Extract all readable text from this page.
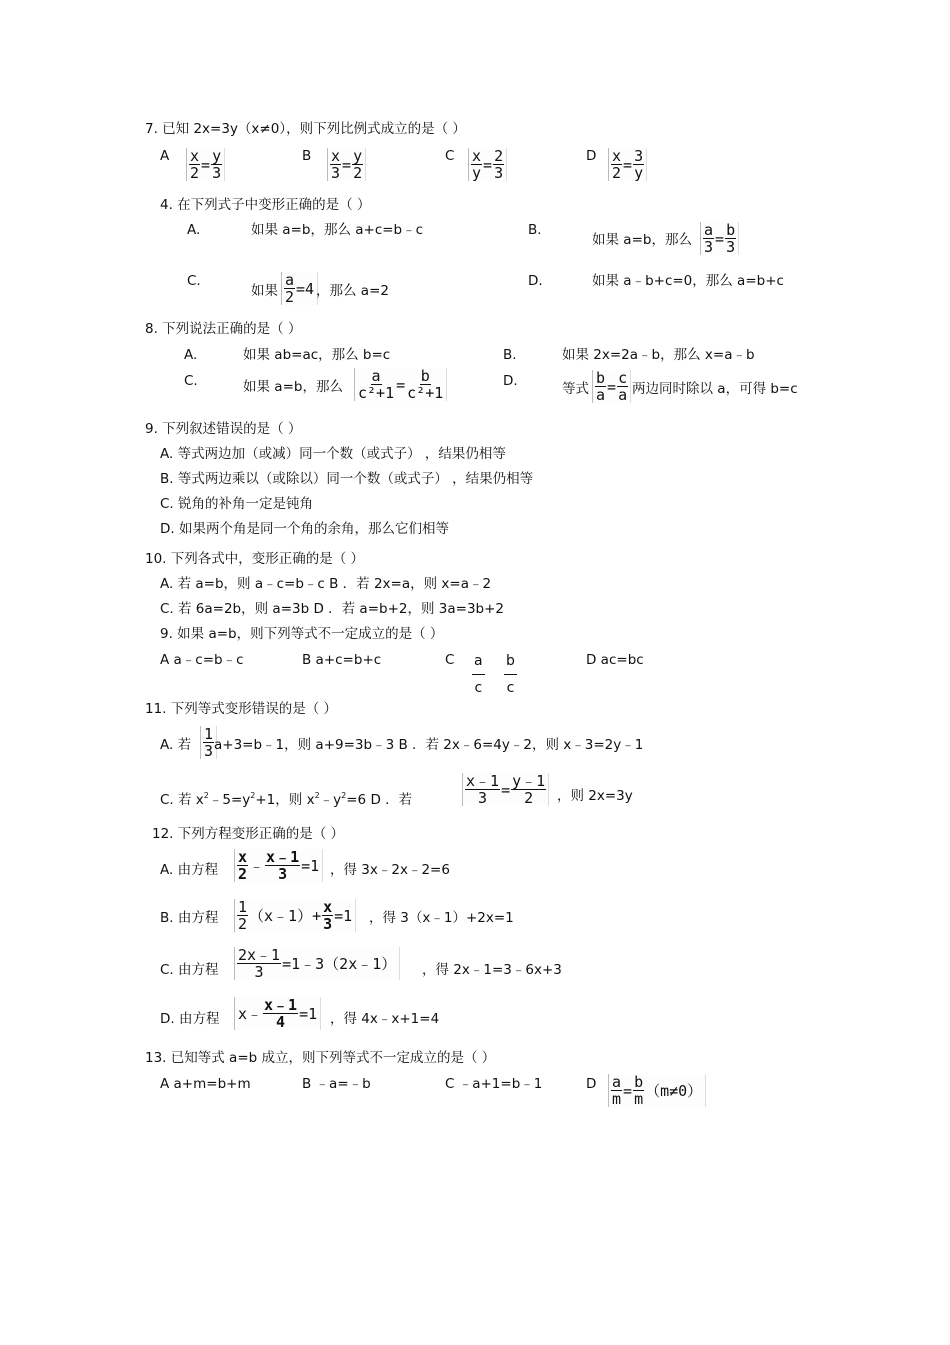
7. 已知 2x=3y（x≠0），则下列比例式成立的是（ ）
A $\frac{x}{2} = \frac{y}{3}$	B $\frac{x}{3} = \frac{y}{2}$	C $\frac{x}{y} = \frac{2}{3}$	D $\frac{x}{2} = \frac{3}{y}$
4. 在下列式子中变形正确的是（ ）
A.	如果 a=b，那么 a+c=b﹣c	B.
如果 a=b，那么 $\frac{a}{3} = \frac{b}{3}$
C.
如果 $\frac{a}{2} =4$ ，那么 a=2
D.	如果 a﹣b+c=0，那么 a=b+c
8. 下列说法正确的是（ ）
A.	如果 ab=ac，那么 b=c	B.	如果 2x=2a﹣b，那么 x=a﹣b
C.	如果 a=b，那么 $\frac{a}{\text{c²+1}} = \frac{b}{\text{c²+1}}$	D.	等式 $\frac{b}{a} = \frac{c}{a}$ 两边同时除以 a，可得 b=c
9. 下列叙述错误的是（ ）
A. 等式两边加（或减）同一个数（或式子） ，结果仍相等
B. 等式两边乘以（或除以）同一个数（或式子） ，结果仍相等
C. 锐角的补角一定是钝角
D. 如果两个角是同一个角的余角，那么它们相等
10. 下列各式中，变形正确的是（ ）
A. 若 a=b，则 a﹣c=b﹣c B ．若 2x=a，则 x=a﹣2
C. 若 6a=2b，则 a=3b D ．若 a=b+2，则 3a=3b+2
9. 如果 a=b，则下列等式不一定成立的是（ ）
A a﹣c=b﹣c	B a+c=b+c	C $\frac{a}{c} \frac{b}{c}$	D ac=bc
11. 下列等式变形错误的是（ ）
A. 若 $\frac{1}{3}$ a+3=b﹣1，则 a+9=3b﹣3 B ．若 2x﹣6=4y﹣2，则 x﹣3=2y﹣1
C. 若 $x^2﹣5=y^2+1$，则 $x^2﹣y^2=6$ D ．若	$\frac{x﹣1}{3} = \frac{y﹣1}{2}$ ，则 2x=3y
12. 下列方程变形正确的是（ ）
A. 由方程 $\frac{x}{2}$ ﹣ $\frac{x﹣1}{3} =1$ ，得 3x﹣2x﹣2=6
B. 由方程 $\frac{1}{2}$ （x﹣1）+ $\frac{x}{3} =1$ ，得 3（x﹣1）+2x=1
C. 由方程 $\frac{2x﹣1}{3}$ =1﹣3（2x﹣1） ，得 2x﹣1=3﹣6x+3
D. 由方程 x﹣ $\frac{x﹣1}{4} =1$ ，得 4x﹣x+1=4
13. 已知等式 a=b 成立，则下列等式不一定成立的是（ ）
A a+m=b+m	B ﹣a=﹣b	C ﹣a+1=b﹣1	D $\frac{a}{m} = \frac{b}{m} (m\ne 0)$
